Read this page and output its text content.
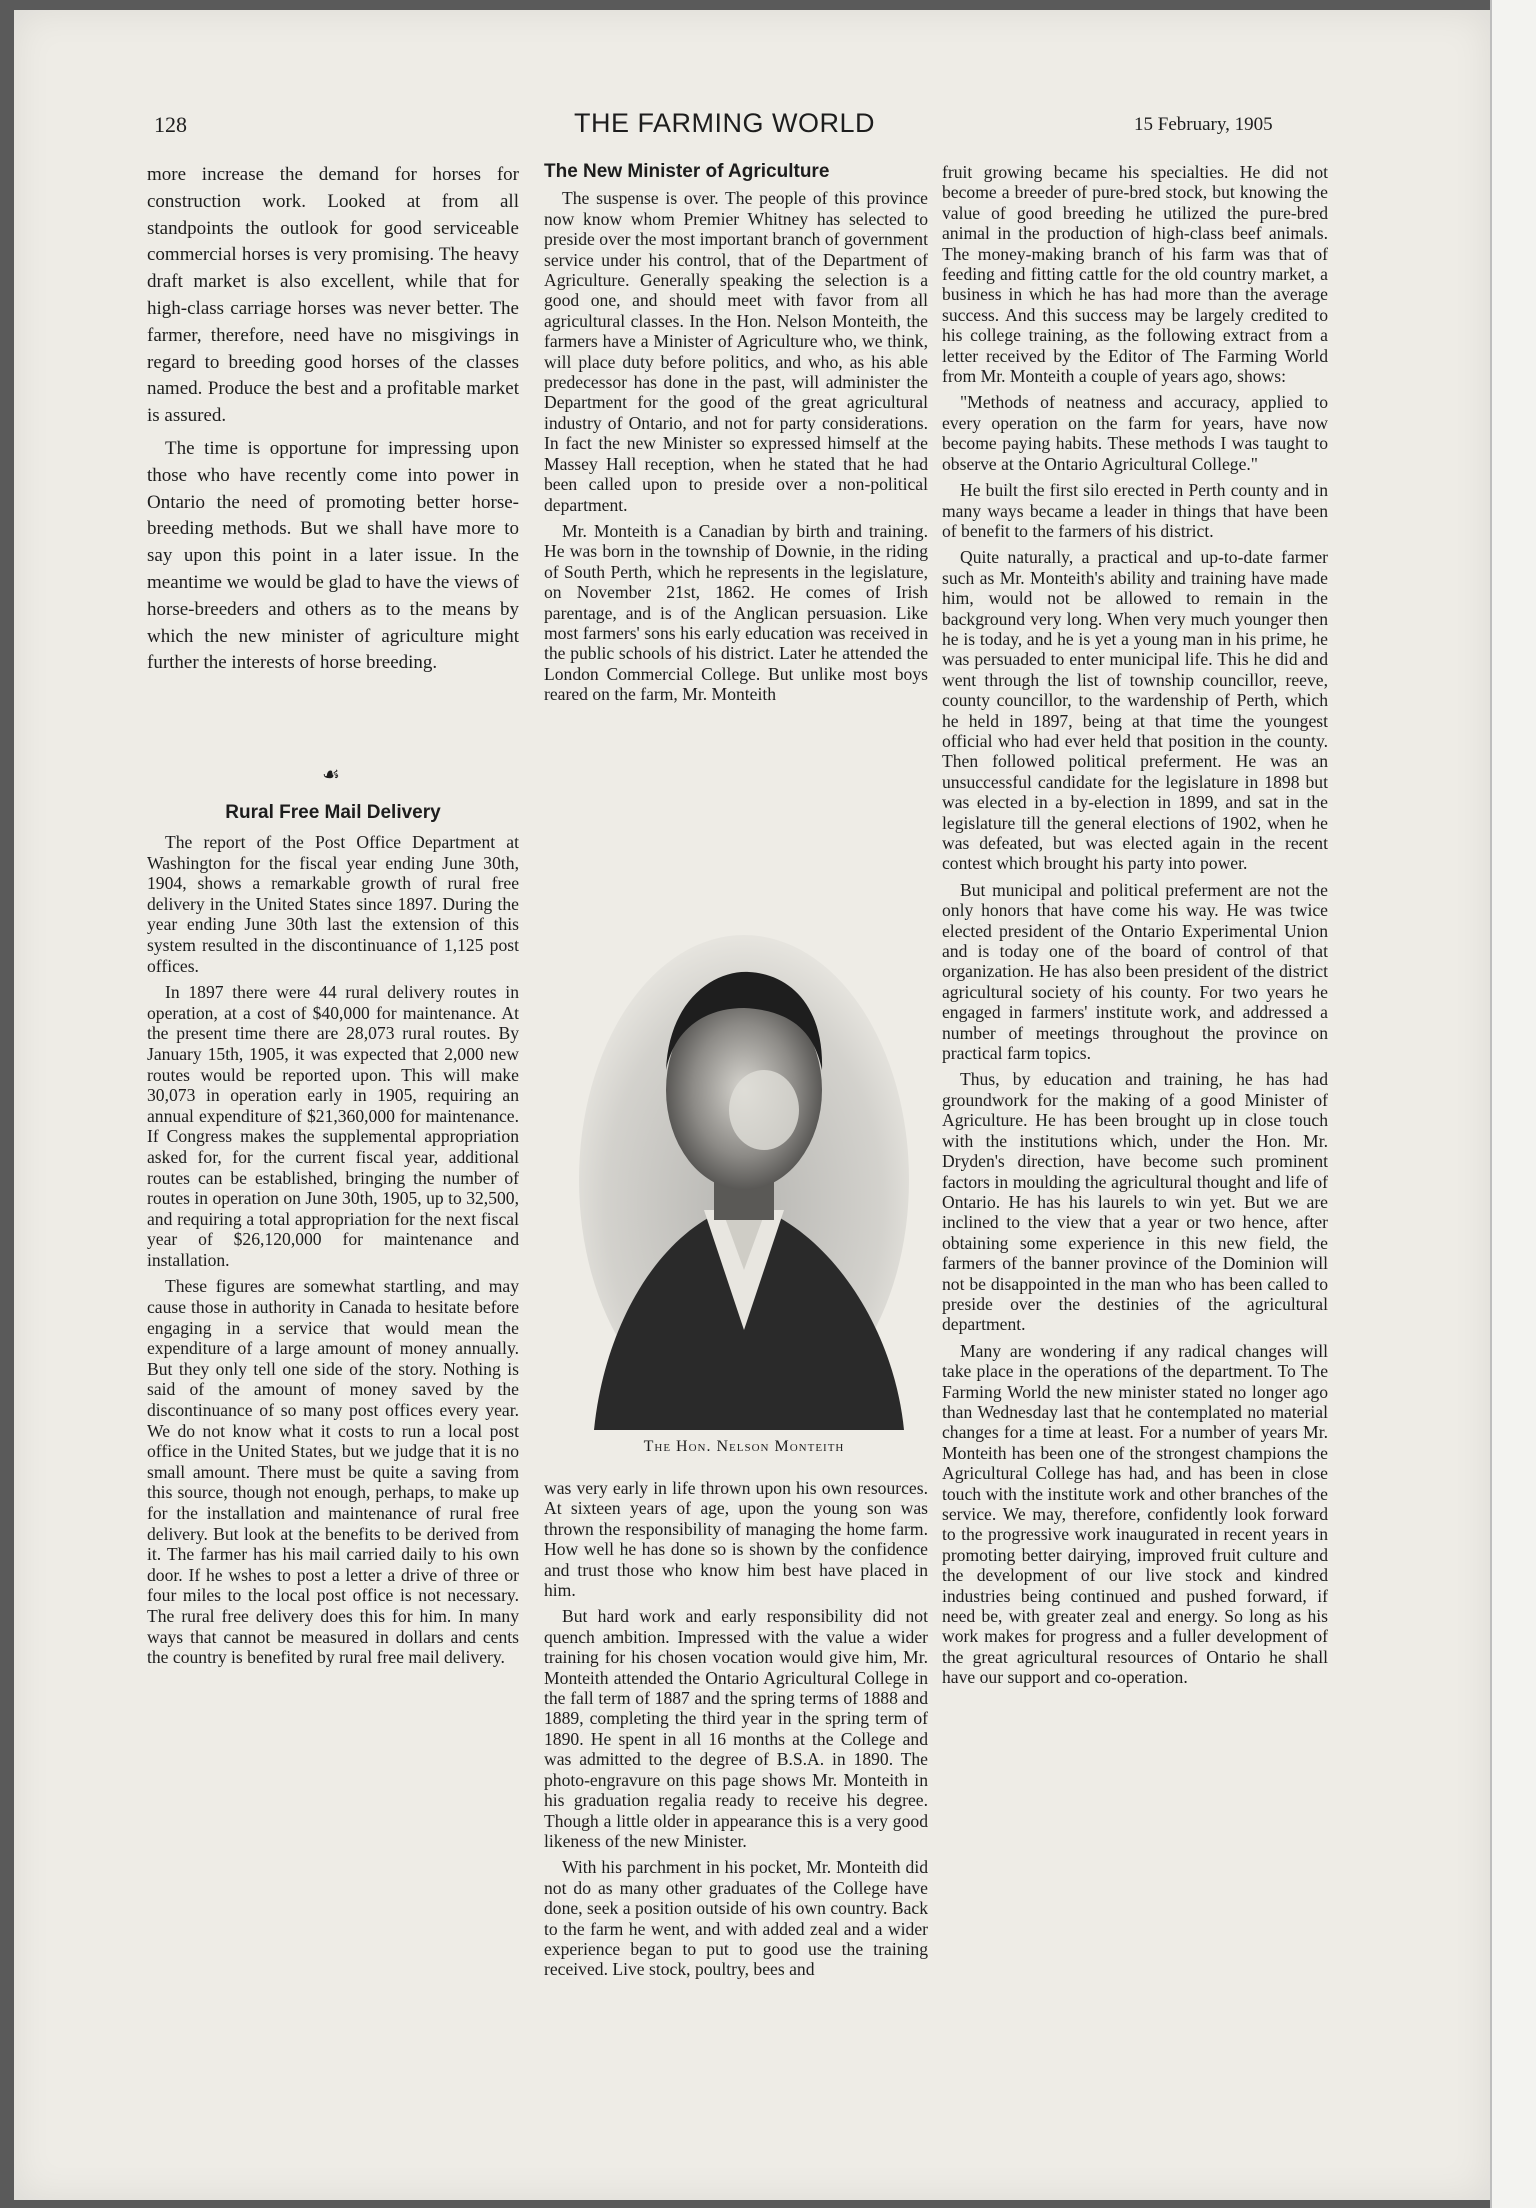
128	THE FARMING WORLD	15 February, 1905

more increase the demand for horses for construction work. Looked at from all standpoints the outlook for good serviceable commercial horses is very promising. The heavy draft market is also excellent, while that for high-class carriage horses was never better. The farmer, therefore, need have no misgivings in regard to breeding good horses of the classes named. Produce the best and a profitable market is assured.

The time is opportune for impressing upon those who have recently come into power in Ontario the need of promoting better horse-breeding methods. But we shall have more to say upon this point in a later issue. In the meantime we would be glad to have the views of horse-breeders and others as to the means by which the new minister of agriculture might further the interests of horse breeding.

☙
Rural Free Mail Delivery

The report of the Post Office Department at Washington for the fiscal year ending June 30th, 1904, shows a remarkable growth of rural free delivery in the United States since 1897. During the year ending June 30th last the extension of this system resulted in the discontinuance of 1,125 post offices.

In 1897 there were 44 rural delivery routes in operation, at a cost of $40,000 for maintenance. At the present time there are 28,073 rural routes. By January 15th, 1905, it was expected that 2,000 new routes would be reported upon. This will make 30,073 in operation early in 1905, requiring an annual expenditure of $21,360,000 for maintenance. If Congress makes the supplemental appropriation asked for, for the current fiscal year, additional routes can be established, bringing the number of routes in operation on June 30th, 1905, up to 32,500, and requiring a total appropriation for the next fiscal year of $26,120,000 for maintenance and installation.

These figures are somewhat startling, and may cause those in authority in Canada to hesitate before engaging in a service that would mean the expenditure of a large amount of money annually. But they only tell one side of the story. Nothing is said of the amount of money saved by the discontinuance of so many post offices every year. We do not know what it costs to run a local post office in the United States, but we judge that it is no small amount. There must be quite a saving from this source, though not enough, perhaps, to make up for the installation and maintenance of rural free delivery. But look at the benefits to be derived from it. The farmer has his mail carried daily to his own door. If he wshes to post a letter a drive of three or four miles to the local post office is not necessary. The rural free delivery does this for him. In many ways that cannot be measured in dollars and cents the country is benefited by rural free mail delivery.

The New Minister of Agriculture

The suspense is over. The people of this province now know whom Premier Whitney has selected to preside over the most important branch of government service under his control, that of the Department of Agriculture. Generally speaking the selection is a good one, and should meet with favor from all agricultural classes. In the Hon. Nelson Monteith, the farmers have a Minister of Agriculture who, we think, will place duty before politics, and who, as his able predecessor has done in the past, will administer the Department for the good of the great agricultural industry of Ontario, and not for party considerations. In fact the new Minister so expressed himself at the Massey Hall reception, when he stated that he had been called upon to preside over a non-political department.

Mr. Monteith is a Canadian by birth and training. He was born in the township of Downie, in the riding of South Perth, which he represents in the legislature, on November 21st, 1862. He comes of Irish parentage, and is of the Anglican persuasion. Like most farmers' sons his early education was received in the public schools of his district. Later he attended the London Commercial College. But unlike most boys reared on the farm, Mr. Monteith

The Hon. Nelson Monteith

was very early in life thrown upon his own resources. At sixteen years of age, upon the young son was thrown the responsibility of managing the home farm. How well he has done so is shown by the confidence and trust those who know him best have placed in him.

But hard work and early responsibility did not quench ambition. Impressed with the value a wider training for his chosen vocation would give him, Mr. Monteith attended the Ontario Agricultural College in the fall term of 1887 and the spring terms of 1888 and 1889, completing the third year in the spring term of 1890. He spent in all 16 months at the College and was admitted to the degree of B.S.A. in 1890. The photo-engravure on this page shows Mr. Monteith in his graduation regalia ready to receive his degree. Though a little older in appearance this is a very good likeness of the new Minister.

With his parchment in his pocket, Mr. Monteith did not do as many other graduates of the College have done, seek a position outside of his own country. Back to the farm he went, and with added zeal and a wider experience began to put to good use the training received. Live stock, poultry, bees and

fruit growing became his specialties. He did not become a breeder of pure-bred stock, but knowing the value of good breeding he utilized the pure-bred animal in the production of high-class beef animals. The money-making branch of his farm was that of feeding and fitting cattle for the old country market, a business in which he has had more than the average success. And this success may be largely credited to his college training, as the following extract from a letter received by the Editor of The Farming World from Mr. Monteith a couple of years ago, shows:

"Methods of neatness and accuracy, applied to every operation on the farm for years, have now become paying habits. These methods I was taught to observe at the Ontario Agricultural College."

He built the first silo erected in Perth county and in many ways became a leader in things that have been of benefit to the farmers of his district.

Quite naturally, a practical and up-to-date farmer such as Mr. Monteith's ability and training have made him, would not be allowed to remain in the background very long. When very much younger then he is today, and he is yet a young man in his prime, he was persuaded to enter municipal life. This he did and went through the list of township councillor, reeve, county councillor, to the wardenship of Perth, which he held in 1897, being at that time the youngest official who had ever held that position in the county. Then followed political preferment. He was an unsuccessful candidate for the legislature in 1898 but was elected in a by-election in 1899, and sat in the legislature till the general elections of 1902, when he was defeated, but was elected again in the recent contest which brought his party into power.

But municipal and political preferment are not the only honors that have come his way. He was twice elected president of the Ontario Experimental Union and is today one of the board of control of that organization. He has also been president of the district agricultural society of his county. For two years he engaged in farmers' institute work, and addressed a number of meetings throughout the province on practical farm topics.

Thus, by education and training, he has had groundwork for the making of a good Minister of Agriculture. He has been brought up in close touch with the institutions which, under the Hon. Mr. Dryden's direction, have become such prominent factors in moulding the agricultural thought and life of Ontario. He has his laurels to win yet. But we are inclined to the view that a year or two hence, after obtaining some experience in this new field, the farmers of the banner province of the Dominion will not be disappointed in the man who has been called to preside over the destinies of the agricultural department.

Many are wondering if any radical changes will take place in the operations of the department. To The Farming World the new minister stated no longer ago than Wednesday last that he contemplated no material changes for a time at least. For a number of years Mr. Monteith has been one of the strongest champions the Agricultural College has had, and has been in close touch with the institute work and other branches of the service. We may, therefore, confidently look forward to the progressive work inaugurated in recent years in promoting better dairying, improved fruit culture and the development of our live stock and kindred industries being continued and pushed forward, if need be, with greater zeal and energy. So long as his work makes for progress and a fuller development of the great agricultural resources of Ontario he shall have our support and co-operation.
